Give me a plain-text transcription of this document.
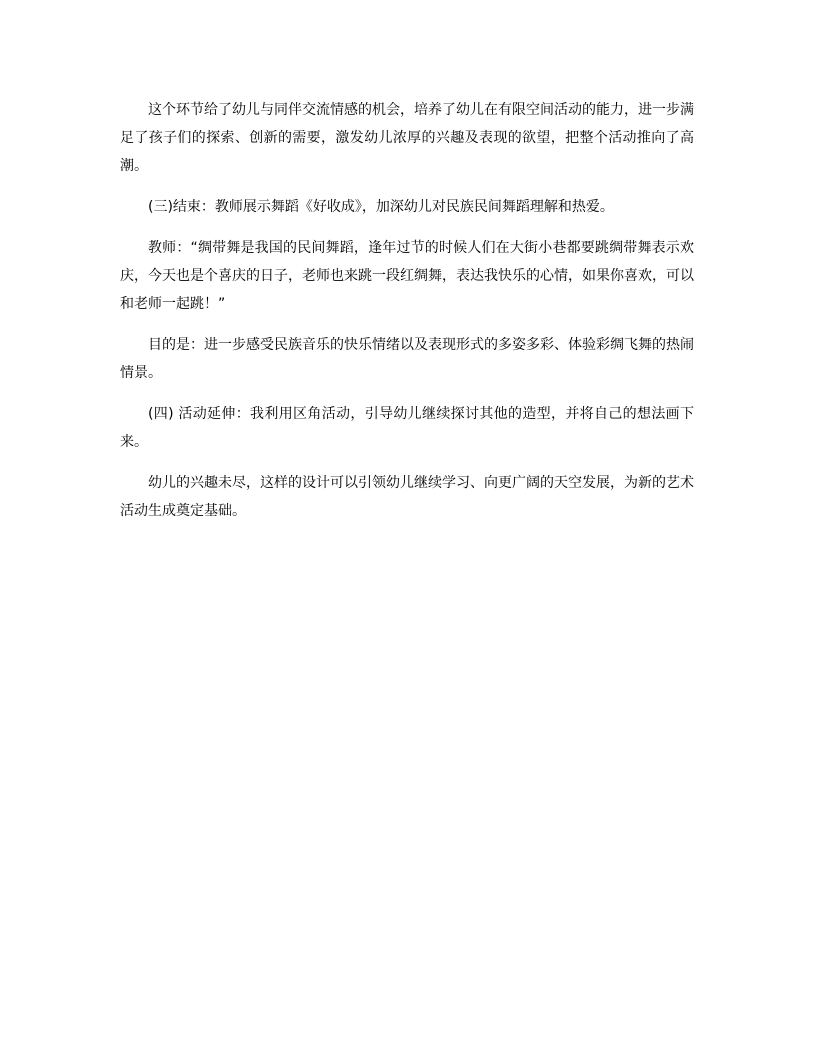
这个环节给了幼儿与同伴交流情感的机会，培养了幼儿在有限空间活动的能力，进一步满足了孩子们的探索、创新的需要，激发幼儿浓厚的兴趣及表现的欲望，把整个活动推向了高潮。

(三)结束：教师展示舞蹈《好收成》，加深幼儿对民族民间舞蹈理解和热爱。

教师：“绸带舞是我国的民间舞蹈，逢年过节的时候人们在大街小巷都要跳绸带舞表示欢庆，今天也是个喜庆的日子，老师也来跳一段红绸舞，表达我快乐的心情，如果你喜欢，可以和老师一起跳！”

目的是：进一步感受民族音乐的快乐情绪以及表现形式的多姿多彩、体验彩绸飞舞的热闹情景。

(四) 活动延伸：我利用区角活动，引导幼儿继续探讨其他的造型，并将自己的想法画下来。

幼儿的兴趣未尽，这样的设计可以引领幼儿继续学习、向更广阔的天空发展，为新的艺术活动生成奠定基础。
